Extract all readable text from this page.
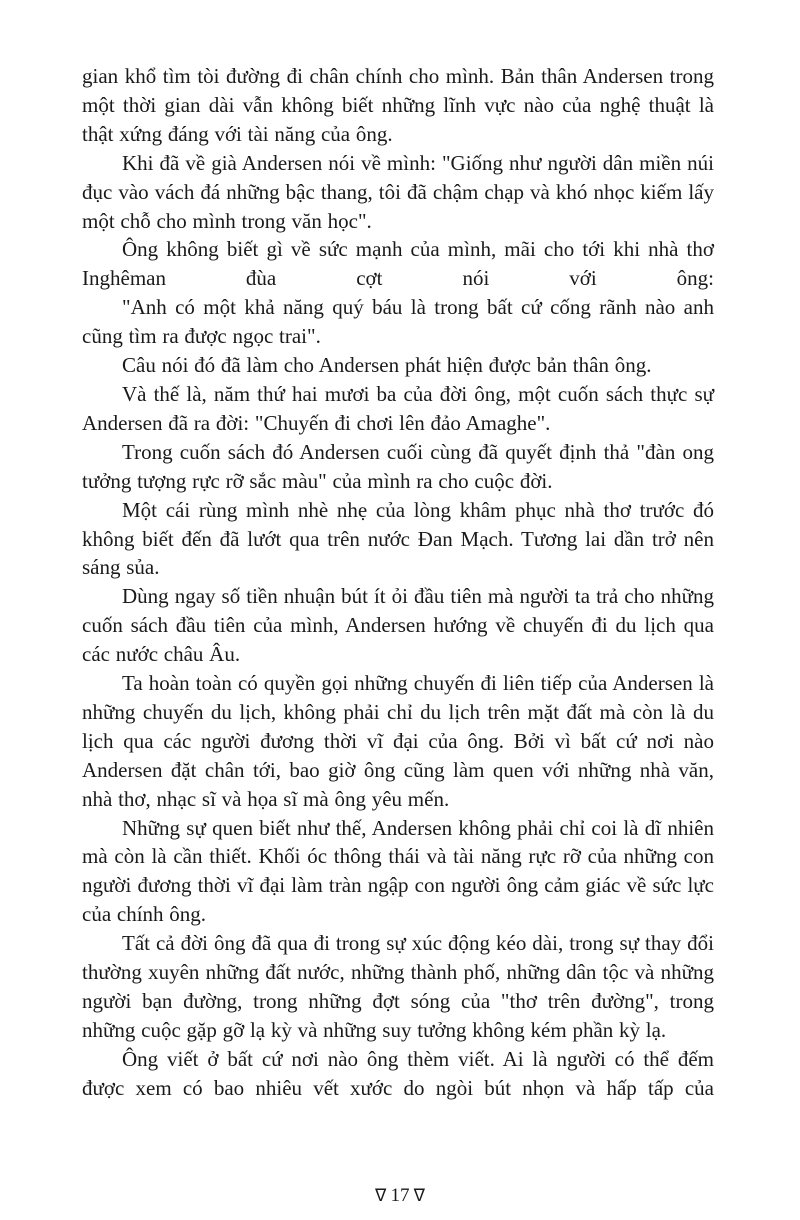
gian khổ tìm tòi đường đi chân chính cho mình. Bản thân Andersen trong một thời gian dài vẫn không biết những lĩnh vực nào của nghệ thuật là thật xứng đáng với tài năng của ông.

Khi đã về già Andersen nói về mình: "Giống như người dân miền núi đục vào vách đá những bậc thang, tôi đã chậm chạp và khó nhọc kiếm lấy một chỗ cho mình trong văn học".

Ông không biết gì về sức mạnh của mình, mãi cho tới khi nhà thơ Inghêman đùa cợt nói với ông:

"Anh có một khả năng quý báu là trong bất cứ cống rãnh nào anh cũng tìm ra được ngọc trai".

Câu nói đó đã làm cho Andersen phát hiện được bản thân ông.

Và thế là, năm thứ hai mươi ba của đời ông, một cuốn sách thực sự Andersen đã ra đời: "Chuyến đi chơi lên đảo Amaghe".

Trong cuốn sách đó Andersen cuối cùng đã quyết định thả "đàn ong tưởng tượng rực rỡ sắc màu" của mình ra cho cuộc đời.

Một cái rùng mình nhè nhẹ của lòng khâm phục nhà thơ trước đó không biết đến đã lướt qua trên nước Đan Mạch. Tương lai dần trở nên sáng sủa.

Dùng ngay số tiền nhuận bút ít ỏi đầu tiên mà người ta trả cho những cuốn sách đầu tiên của mình, Andersen hướng về chuyến đi du lịch qua các nước châu Âu.

Ta hoàn toàn có quyền gọi những chuyến đi liên tiếp của Andersen là những chuyến du lịch, không phải chỉ du lịch trên mặt đất mà còn là du lịch qua các người đương thời vĩ đại của ông. Bởi vì bất cứ nơi nào Andersen đặt chân tới, bao giờ ông cũng làm quen với những nhà văn, nhà thơ, nhạc sĩ và họa sĩ mà ông yêu mến.

Những sự quen biết như thế, Andersen không phải chỉ coi là dĩ nhiên mà còn là cần thiết. Khối óc thông thái và tài năng rực rỡ của những con người đương thời vĩ đại làm tràn ngập con người ông cảm giác về sức lực của chính ông.

Tất cả đời ông đã qua đi trong sự xúc động kéo dài, trong sự thay đổi thường xuyên những đất nước, những thành phố, những dân tộc và những người bạn đường, trong những đợt sóng của "thơ trên đường", trong những cuộc gặp gỡ lạ kỳ và những suy tưởng không kém phần kỳ lạ.

Ông viết ở bất cứ nơi nào ông thèm viết. Ai là người có thể đếm được xem có bao nhiêu vết xước do ngòi bút nhọn và hấp tấp của

ᐁ 17 ᐁ
